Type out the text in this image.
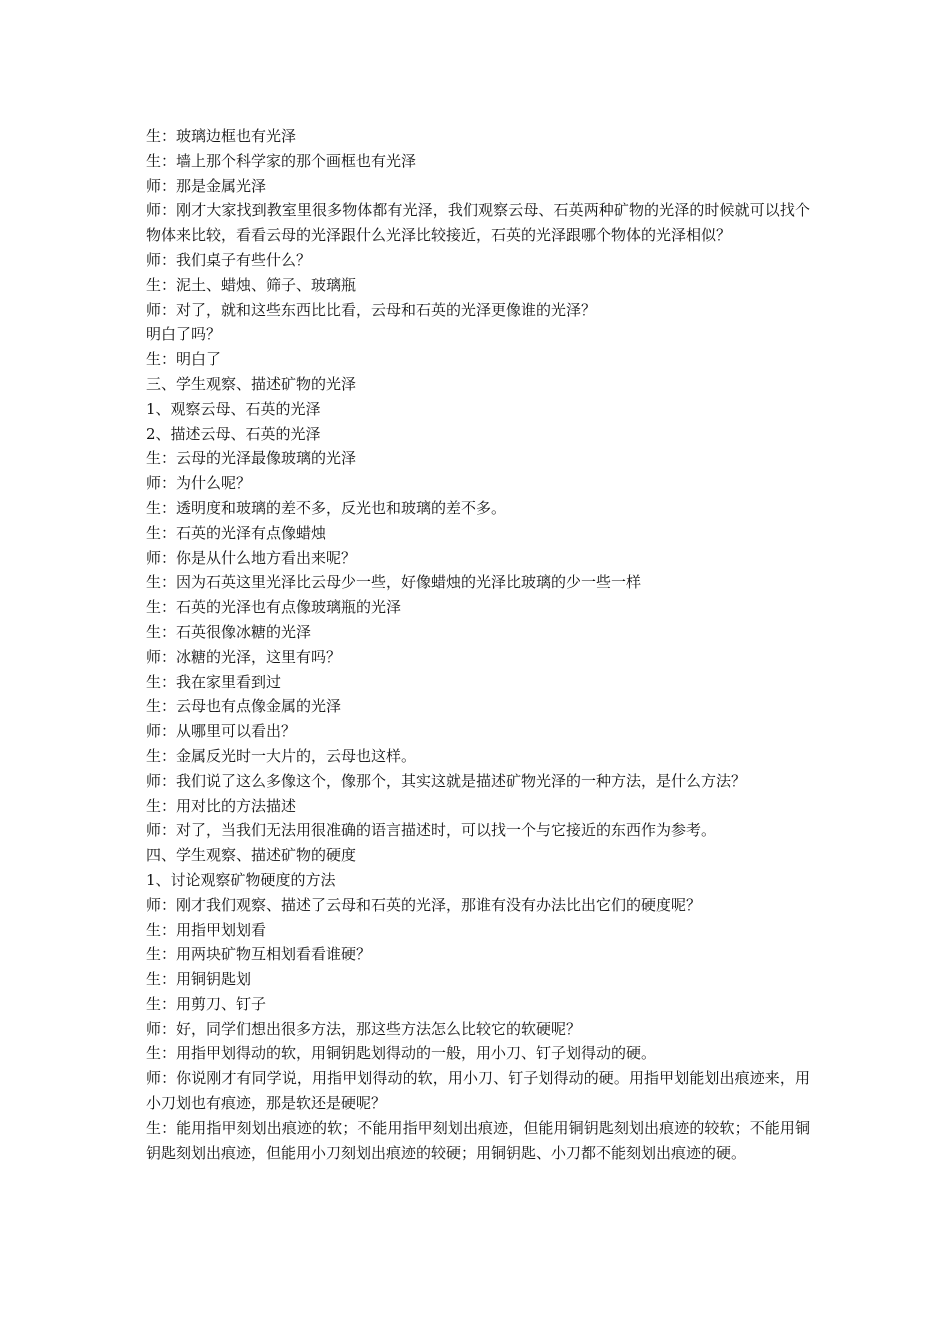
生：玻璃边框也有光泽
生：墙上那个科学家的那个画框也有光泽
师：那是金属光泽
师：刚才大家找到教室里很多物体都有光泽，我们观察云母、石英两种矿物的光泽的时候就可以找个物体来比较，看看云母的光泽跟什么光泽比较接近，石英的光泽跟哪个物体的光泽相似？
师：我们桌子有些什么？
生：泥土、蜡烛、筛子、玻璃瓶
师：对了，就和这些东西比比看，云母和石英的光泽更像谁的光泽？
明白了吗？
生：明白了
三、学生观察、描述矿物的光泽
1、观察云母、石英的光泽
2、描述云母、石英的光泽
生：云母的光泽最像玻璃的光泽
师：为什么呢？
生：透明度和玻璃的差不多，反光也和玻璃的差不多。
生：石英的光泽有点像蜡烛
师：你是从什么地方看出来呢？
生：因为石英这里光泽比云母少一些，好像蜡烛的光泽比玻璃的少一些一样
生：石英的光泽也有点像玻璃瓶的光泽
生：石英很像冰糖的光泽
师：冰糖的光泽，这里有吗？
生：我在家里看到过
生：云母也有点像金属的光泽
师：从哪里可以看出？
生：金属反光时一大片的，云母也这样。
师：我们说了这么多像这个，像那个，其实这就是描述矿物光泽的一种方法，是什么方法？
生：用对比的方法描述
师：对了，当我们无法用很准确的语言描述时，可以找一个与它接近的东西作为参考。
四、学生观察、描述矿物的硬度
1、讨论观察矿物硬度的方法
师：刚才我们观察、描述了云母和石英的光泽，那谁有没有办法比出它们的硬度呢？
生：用指甲划划看
生：用两块矿物互相划看看谁硬？
生：用铜钥匙划
生：用剪刀、钉子
师：好，同学们想出很多方法，那这些方法怎么比较它的软硬呢？
生：用指甲划得动的软，用铜钥匙划得动的一般，用小刀、钉子划得动的硬。
师：你说刚才有同学说，用指甲划得动的软，用小刀、钉子划得动的硬。用指甲划能划出痕迹来，用小刀划也有痕迹，那是软还是硬呢？
生：能用指甲刻划出痕迹的软；不能用指甲刻划出痕迹，但能用铜钥匙刻划出痕迹的较软；不能用铜钥匙刻划出痕迹，但能用小刀刻划出痕迹的较硬；用铜钥匙、小刀都不能刻划出痕迹的硬。
